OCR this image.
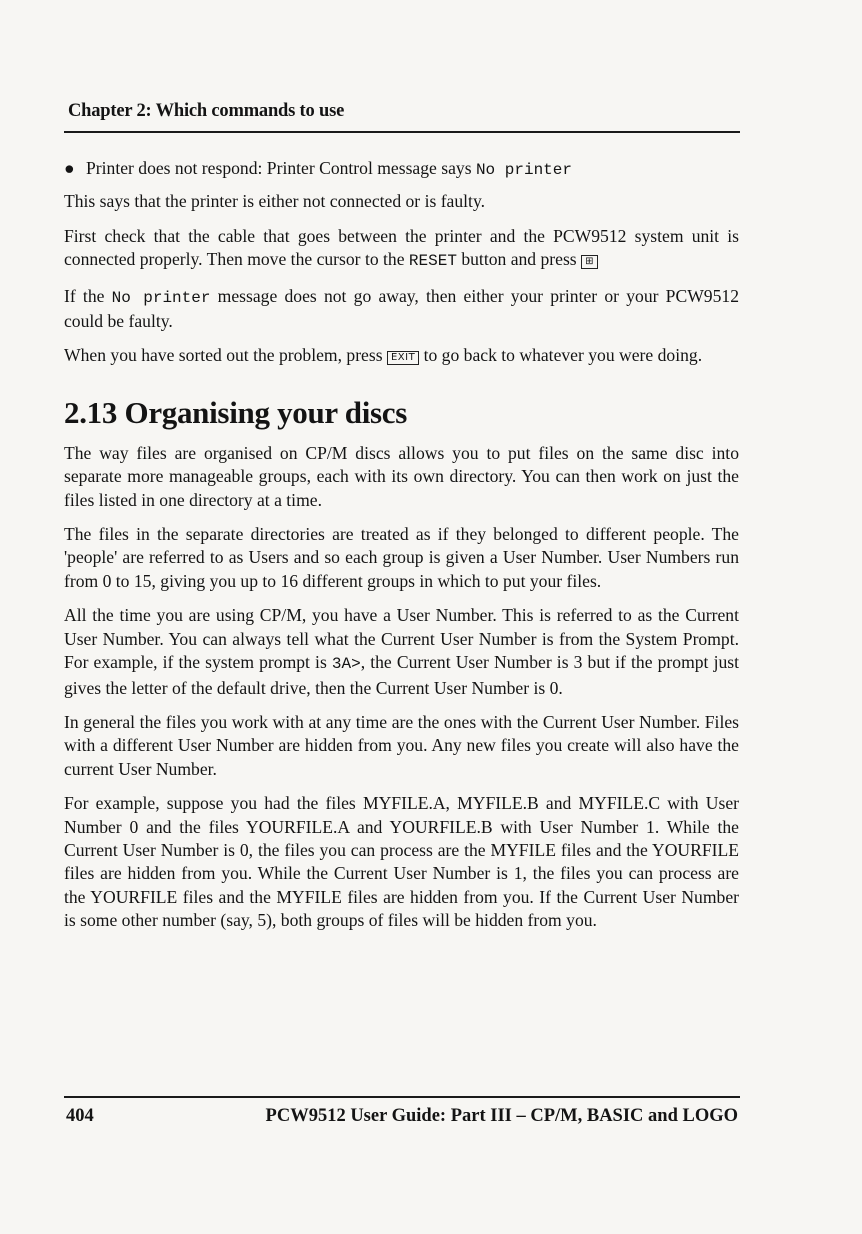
Chapter 2: Which commands to use
● Printer does not respond: Printer Control message says No printer

This says that the printer is either not connected or is faulty.

First check that the cable that goes between the printer and the PCW9512 system unit is connected properly. Then move the cursor to the RESET button and press ⊞

If the No printer message does not go away, then either your printer or your PCW9512 could be faulty.

When you have sorted out the problem, press EXIT to go back to whatever you were doing.

2.13 Organising your discs

The way files are organised on CP/M discs allows you to put files on the same disc into separate more manageable groups, each with its own directory. You can then work on just the files listed in one directory at a time.

The files in the separate directories are treated as if they belonged to different people. The 'people' are referred to as Users and so each group is given a User Number. User Numbers run from 0 to 15, giving you up to 16 different groups in which to put your files.

All the time you are using CP/M, you have a User Number. This is referred to as the Current User Number. You can always tell what the Current User Number is from the System Prompt. For example, if the system prompt is 3A>, the Current User Number is 3 but if the prompt just gives the letter of the default drive, then the Current User Number is 0.

In general the files you work with at any time are the ones with the Current User Number. Files with a different User Number are hidden from you. Any new files you create will also have the current User Number.

For example, suppose you had the files MYFILE.A, MYFILE.B and MYFILE.C with User Number 0 and the files YOURFILE.A and YOURFILE.B with User Number 1. While the Current User Number is 0, the files you can process are the MYFILE files and the YOURFILE files are hidden from you. While the Current User Number is 1, the files you can process are the YOURFILE files and the MYFILE files are hidden from you. If the Current User Number is some other number (say, 5), both groups of files will be hidden from you.

404	PCW9512 User Guide: Part III – CP/M, BASIC and LOGO
